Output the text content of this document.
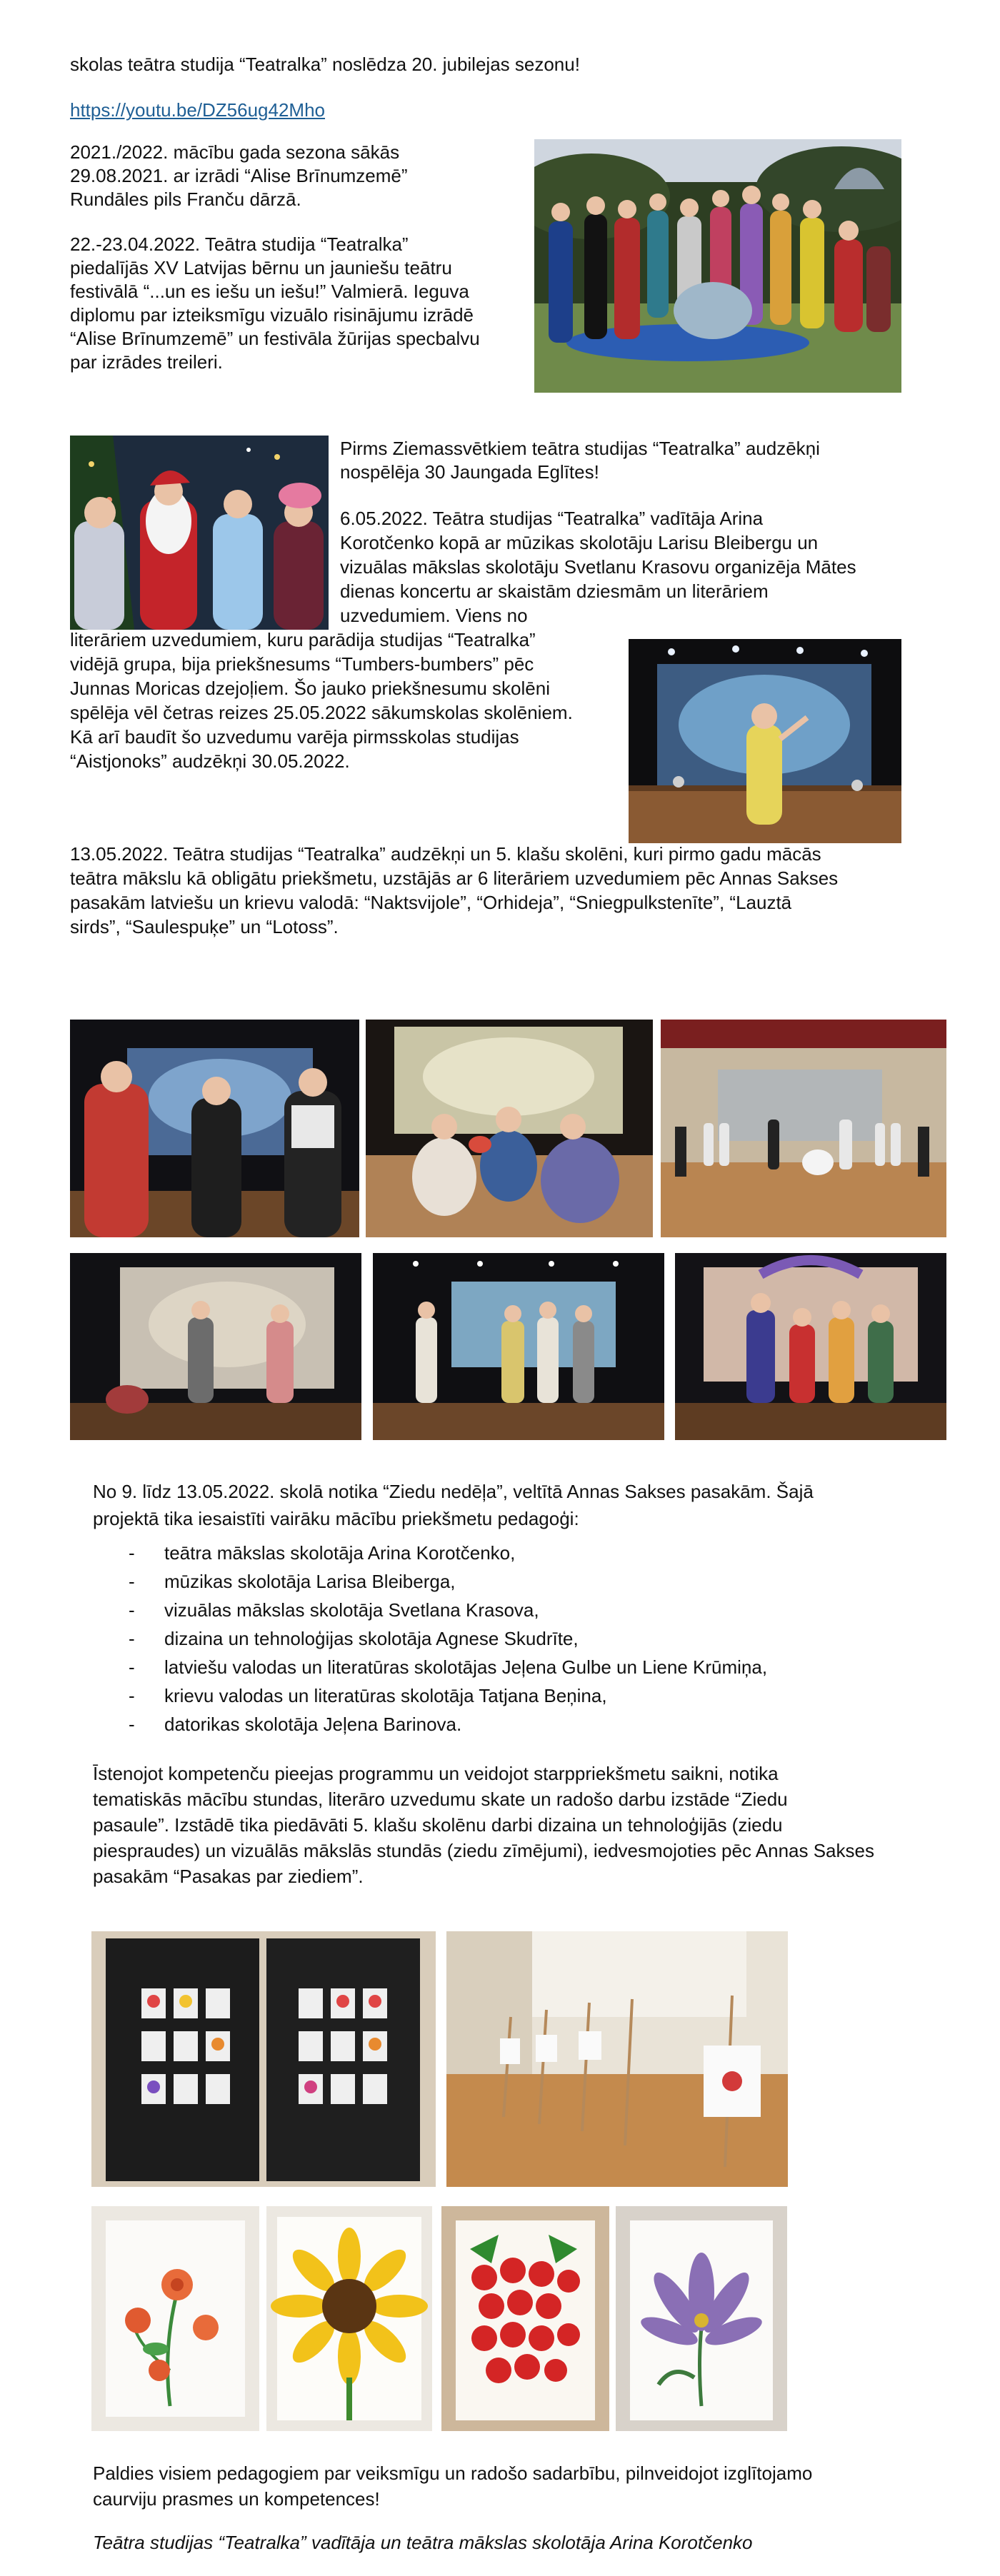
skolas teātra studija “Teatralka” noslēdza 20. jubilejas sezonu!

https://youtu.be/DZ56ug42Mho

2021./2022. mācību gada sezona sākās

29.08.2021. ar izrādi “Alise Brīnumzemē”

Rundāles pils Franču dārzā.

22.-23.04.2022. Teātra studija “Teatralka”

piedalījās XV Latvijas bērnu un jauniešu teātru

festivālā “...un es iešu un iešu!” Valmierā. Ieguva

diplomu par izteiksmīgu vizuālo risinājumu izrādē

“Alise Brīnumzemē” un festivāla žūrijas specbalvu

par izrādes treileri.

Pirms Ziemassvētkiem teātra studijas “Teatralka” audzēkņi

nospēlēja 30 Jaungada Eglītes!

6.05.2022. Teātra studijas “Teatralka” vadītāja Arina

Korotčenko kopā ar mūzikas skolotāju Larisu Bleibergu un

vizuālas mākslas skolotāju Svetlanu Krasovu organizēja Mātes

dienas koncertu ar skaistām dziesmām un literāriem

uzvedumiem. Viens no

literāriem uzvedumiem, kuru parādija studijas “Teatralka”

vidējā grupa, bija priekšnesums “Tumbers-bumbers” pēc

Junnas Moricas dzejoļiem. Šo jauko priekšnesumu skolēni

spēlēja vēl četras reizes 25.05.2022 sākumskolas skolēniem.

Kā arī baudīt šo uzvedumu varēja pirmsskolas studijas

“Aistjonoks” audzēkņi 30.05.2022.

13.05.2022. Teātra studijas “Teatralka” audzēkņi un 5. klašu skolēni, kuri pirmo gadu mācās

teātra mākslu kā obligātu priekšmetu, uzstājās ar 6 literāriem uzvedumiem pēc Annas Sakses

pasakām latviešu un krievu valodā: “Naktsvijole”, “Orhideja”, “Sniegpulkstenīte”, “Lauztā

sirds”, “Saulespuķe” un “Lotoss”.

No 9. līdz 13.05.2022. skolā notika “Ziedu nedēļa”, veltītā Annas Sakses pasakām. Šajā

projektā tika iesaistīti vairāku mācību priekšmetu pedagoģi:

- teātra mākslas skolotāja Arina Korotčenko,
- mūzikas skolotāja Larisa Bleiberga,
- vizuālas mākslas skolotāja Svetlana Krasova,
- dizaina un tehnoloģijas skolotāja Agnese Skudrīte,
- latviešu valodas un literatūras skolotājas Jeļena Gulbe un Liene Krūmiņa,
- krievu valodas un literatūras skolotāja Tatjana Beņina,
- datorikas skolotāja Jeļena Barinova.

Īstenojot kompetenču pieejas programmu un veidojot starppriekšmetu saikni, notika

tematiskās mācību stundas, literāro uzvedumu skate un radošo darbu izstāde “Ziedu

pasaule”. Izstādē tika piedāvāti 5. klašu skolēnu darbi dizaina un tehnoloģijās (ziedu

piespraudes) un vizuālās mākslās stundās (ziedu zīmējumi), iedvesmojoties pēc Annas Sakses

pasakām “Pasakas par ziediem”.

Paldies visiem pedagogiem par veiksmīgu un radošo sadarbību, pilnveidojot izglītojamo

caurviju prasmes un kompetences!

Teātra studijas “Teatralka” vadītāja un teātra mākslas skolotāja Arina Korotčenko
